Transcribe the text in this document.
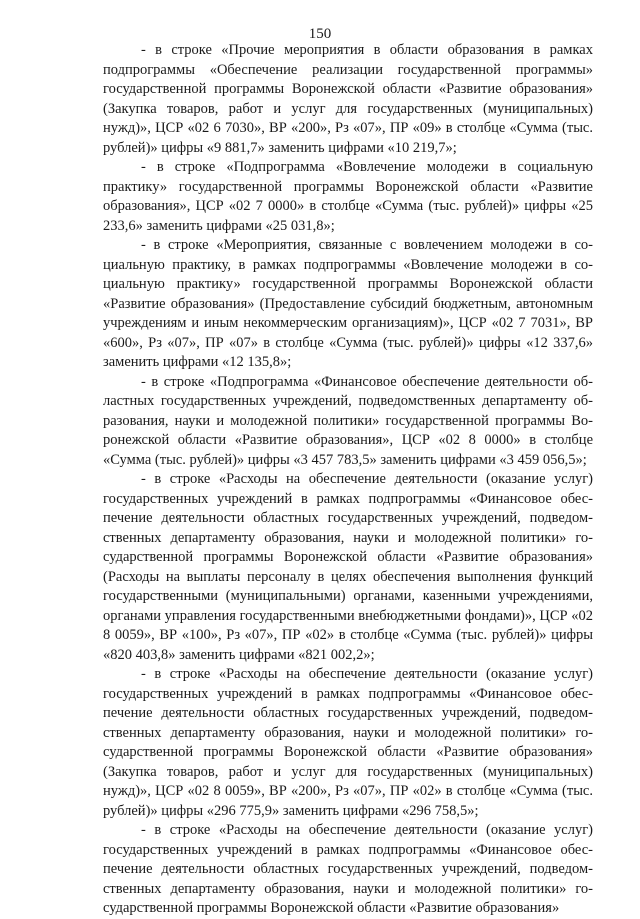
150

- в строке «Прочие мероприятия в области образования в рамках подпрограммы «Обеспечение реализации государственной программы» государственной программы Воронежской области «Развитие образования» (Закупка товаров, работ и услуг для государственных (муниципальных) нужд)», ЦСР «02 6 7030», ВР «200», Рз «07», ПР «09» в столбце «Сумма (тыс. рублей)» цифры «9 881,7» заменить цифрами «10 219,7»;

- в строке «Подпрограмма «Вовлечение молодежи в социальную практику» государственной программы Воронежской области «Развитие образования», ЦСР «02 7 0000» в столбце «Сумма (тыс. рублей)» цифры «25 233,6» заменить цифрами «25 031,8»;

- в строке «Мероприятия, связанные с вовлечением молодежи в социальную практику, в рамках подпрограммы «Вовлечение молодежи в социальную практику» государственной программы Воронежской области «Развитие образования» (Предоставление субсидий бюджетным, автономным учреждениям и иным некоммерческим организациям)», ЦСР «02 7 7031», ВР «600», Рз «07», ПР «07» в столбце «Сумма (тыс. рублей)» цифры «12 337,6» заменить цифрами «12 135,8»;

- в строке «Подпрограмма «Финансовое обеспечение деятельности областных государственных учреждений, подведомственных департаменту образования, науки и молодежной политики» государственной программы Воронежской области «Развитие образования», ЦСР «02 8 0000» в столбце «Сумма (тыс. рублей)» цифры «3 457 783,5» заменить цифрами «3 459 056,5»;

- в строке «Расходы на обеспечение деятельности (оказание услуг) государственных учреждений в рамках подпрограммы «Финансовое обеспечение деятельности областных государственных учреждений, подведомственных департаменту образования, науки и молодежной политики» государственной программы Воронежской области «Развитие образования» (Расходы на выплаты персоналу в целях обеспечения выполнения функций государственными (муниципальными) органами, казенными учреждениями, органами управления государственными внебюджетными фондами)», ЦСР «02 8 0059», ВР «100», Рз «07», ПР «02» в столбце «Сумма (тыс. рублей)» цифры «820 403,8» заменить цифрами «821 002,2»;

- в строке «Расходы на обеспечение деятельности (оказание услуг) государственных учреждений в рамках подпрограммы «Финансовое обеспечение деятельности областных государственных учреждений, подведомственных департаменту образования, науки и молодежной политики» государственной программы Воронежской области «Развитие образования» (Закупка товаров, работ и услуг для государственных (муниципальных) нужд)», ЦСР «02 8 0059», ВР «200», Рз «07», ПР «02» в столбце «Сумма (тыс. рублей)» цифры «296 775,9» заменить цифрами «296 758,5»;

- в строке «Расходы на обеспечение деятельности (оказание услуг) государственных учреждений в рамках подпрограммы «Финансовое обеспечение деятельности областных государственных учреждений, подведомственных департаменту образования, науки и молодежной политики» государственной программы Воронежской области «Развитие образования»
